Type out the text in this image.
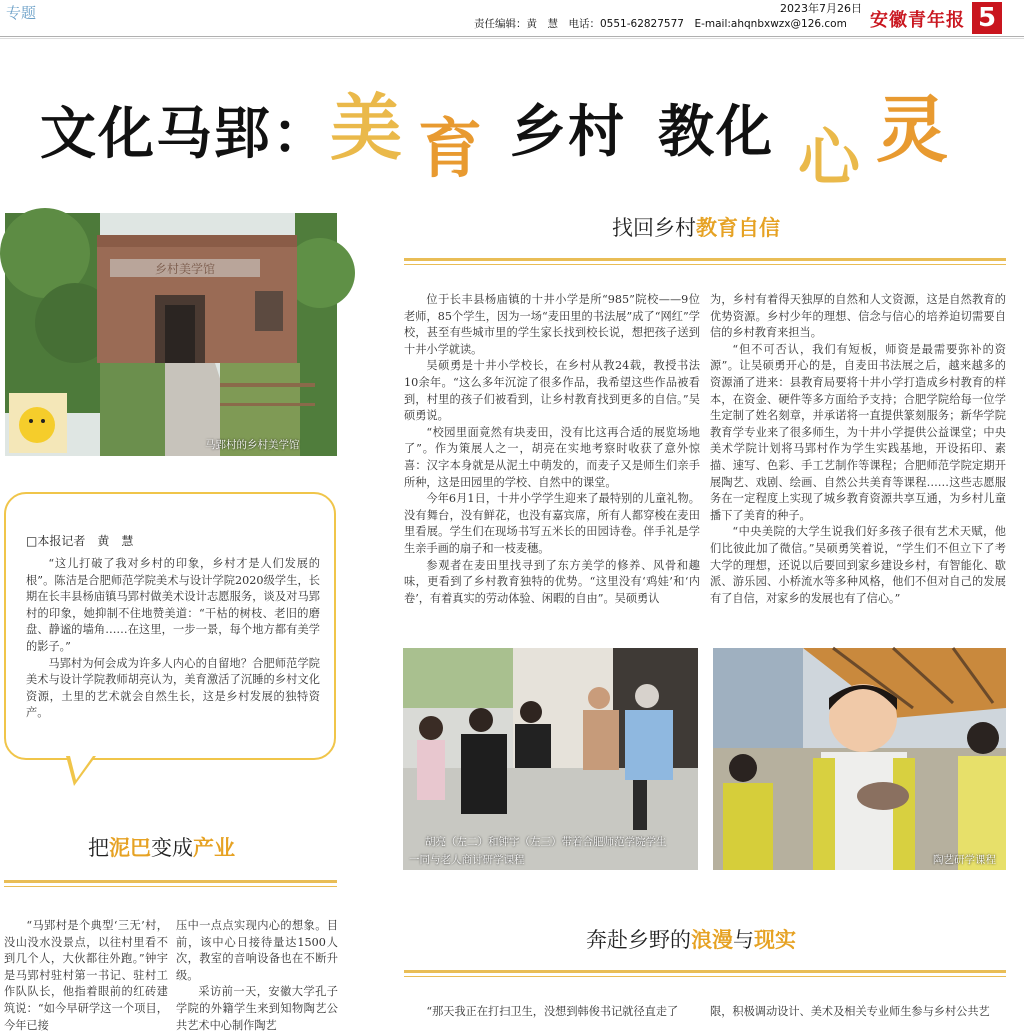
专题	2023年7月26日
责任编辑：黄　慧　电话：0551-62827577　E-mail:ahqnbxwzx@126.com 安徽青年报 5
文化马郢： 美 育 乡村 教化 心 灵
乡村美学馆
马郢村的乡村美学馆
找回乡村教育自信

位于长丰县杨庙镇的十井小学是所“985”院校——9位老师，85个学生，因为一场“麦田里的书法展”成了“网红”学校，甚至有些城市里的学生家长找到校长说，想把孩子送到十井小学就读。

吴硕勇是十井小学校长，在乡村从教24载，教授书法10余年。“这么多年沉淀了很多作品，我希望这些作品被看到，村里的孩子们被看到，让乡村教育找到更多的自信。”吴硕勇说。

“校园里面竟然有块麦田，没有比这再合适的展览场地了”。作为策展人之一，胡亮在实地考察时收获了意外惊喜：汉字本身就是从泥土中萌发的，而麦子又是师生们亲手所种，这是田园里的学校、自然中的课堂。

今年6月1日，十井小学学生迎来了最特别的儿童礼物。没有舞台，没有鲜花，也没有嘉宾席，所有人都穿梭在麦田里看展。学生们在现场书写五米长的田园诗卷。伴手礼是学生亲手画的扇子和一枝麦穗。

参观者在麦田里找寻到了东方美学的修养、风骨和趣味，更看到了乡村教育独特的优势。“这里没有‘鸡娃’和‘内卷’，有着真实的劳动体验、闲暇的自由”。吴硕勇认

为，乡村有着得天独厚的自然和人文资源，这是自然教育的优势资源。乡村少年的理想、信念与信心的培养迫切需要自信的乡村教育来担当。

“但不可否认，我们有短板，师资是最需要弥补的资源”。让吴硕勇开心的是，自麦田书法展之后，越来越多的资源涌了进来：县教育局要将十井小学打造成乡村教育的样本，在资金、硬件等多方面给予支持；合肥学院给每一位学生定制了姓名刻章，并承诺将一直提供篆刻服务；新华学院教育学专业来了很多师生，为十井小学提供公益课堂；中央美术学院计划将马郢村作为学生实践基地，开设拓印、素描、速写、色彩、手工艺制作等课程；合肥师范学院定期开展陶艺、戏剧、绘画、自然公共美育等课程……这些志愿服务在一定程度上实现了城乡教育资源共享互通，为乡村儿童播下了美育的种子。

“中央美院的大学生说我们好多孩子很有艺术天赋，他们比彼此加了微信。”吴硕勇笑着说，“学生们不但立下了考大学的理想，还说以后要回到家乡建设乡村，有智能化、歇派、游乐园、小桥流水等多种风格，他们不但对自己的发展有了自信，对家乡的发展也有了信心。”

□本报记者　黄　慧

“这儿打破了我对乡村的印象，乡村才是人们发展的根”。陈洁是合肥师范学院美术与设计学院2020级学生，长期在长丰县杨庙镇马郢村做美术设计志愿服务，谈及对马郢村的印象，她抑制不住地赞美道：“干枯的树枝、老旧的磨盘、静谧的墙角……在这里，一步一景，每个地方都有美学的影子。”

马郢村为何会成为许多人内心的自留地？合肥师范学院美术与设计学院教师胡亮认为，美育激活了沉睡的乡村文化资源，土里的艺术就会自然生长，这是乡村发展的独特资产。

胡亮（左二）和钟宇（左三）带着合肥师范学院学生
一同与老人商讨研学课程	陶艺研学课程
把泥巴变成产业

“马郢村是个典型‘三无’村，没山没水没景点，以往村里看不到几个人，大伙都往外跑。”钟宇是马郢村驻村第一书记、驻村工作队队长，他指着眼前的红砖建筑说：“如今早研学这一个项目，今年已接

压中一点点实现内心的想象。目前，该中心日接待量达1500人次，教室的音响设备也在不断升级。

采访前一天，安徽大学孔子学院的外籍学生来到知物陶艺公共艺术中心制作陶艺

奔赴乡野的浪漫与现实

“那天我正在打扫卫生，没想到韩俊书记就径直走了	限，积极调动设计、美术及相关专业师生参与乡村公共艺
